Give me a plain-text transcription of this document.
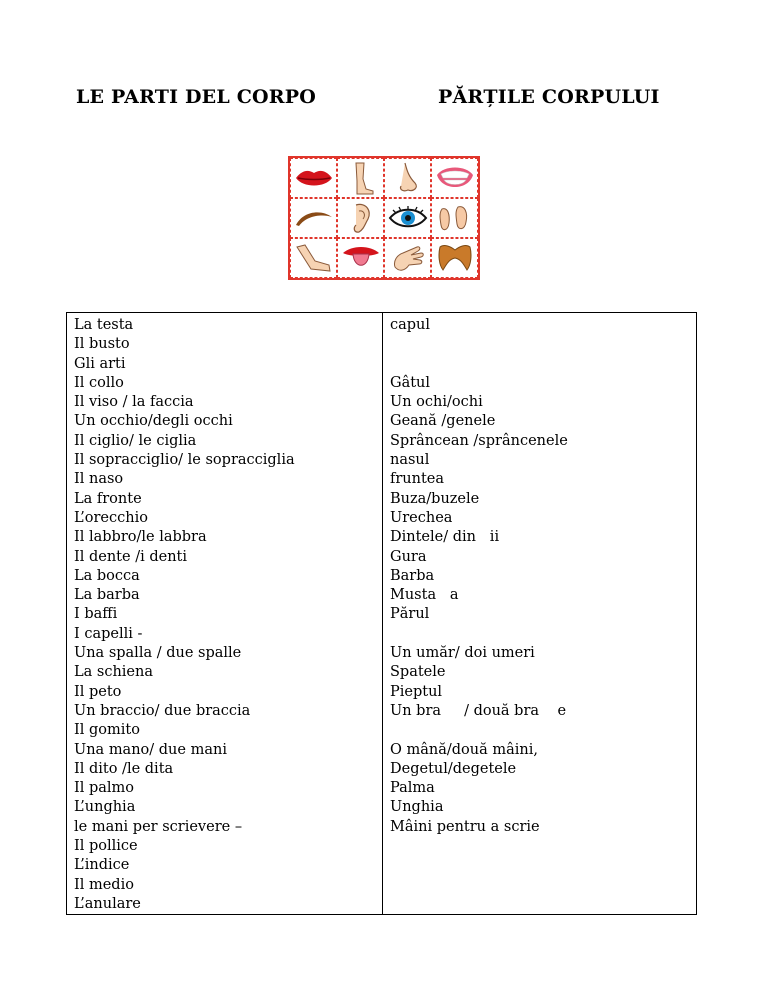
LE PARTI DEL CORPO	PĂRȚILE CORPULUI
La testa
Il busto
Gli arti
Il collo
Il viso / la faccia
Un occhio/degli occhi
Il ciglio/ le ciglia
Il sopracciglio/ le sopracciglia
Il naso
La fronte
L’orecchio
Il labbro/le labbra
Il dente /i denti
La bocca
La barba
I baffi
I capelli -
Una spalla / due spalle
La schiena
Il peto
Un braccio/ due braccia
Il gomito
Una mano/ due mani
Il dito /le dita
Il palmo
L’unghia
le mani per scrievere –
Il pollice
L’indice
Il medio
L’anulare
capul
Gâtul
Un ochi/ochi
Geană /genele
Sprâncean /sprâncenele
nasul
fruntea
Buza/buzele
Urechea
Dintele/ din   ii
Gura
Barba
Musta   a
Părul
Un umăr/ doi umeri
Spatele
Pieptul
Un bra     / două bra    e
O mână/două mâini,
Degetul/degetele
Palma
Unghia
Mâini pentru a scrie
